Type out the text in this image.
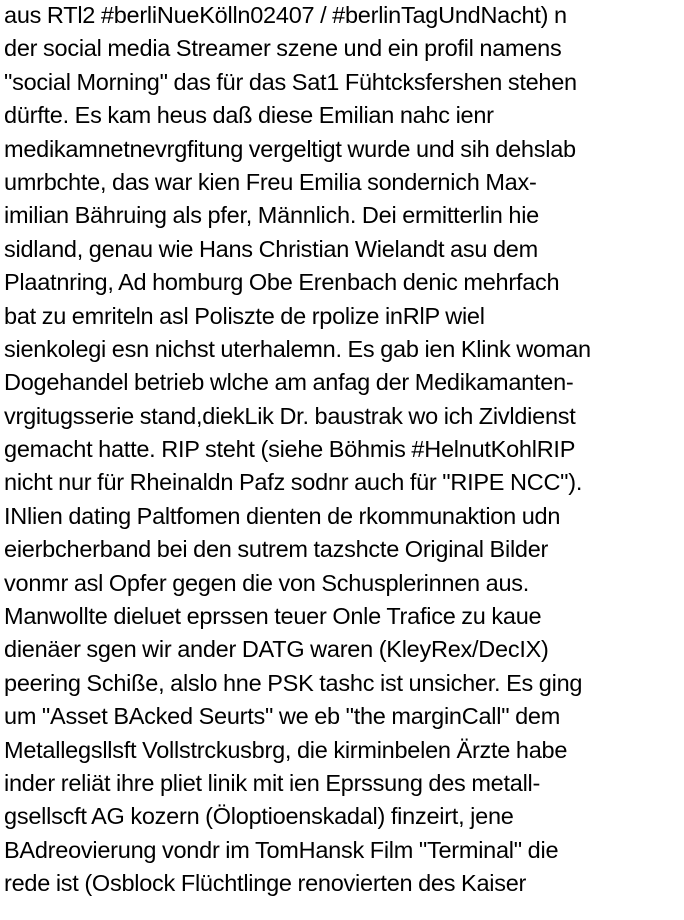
aus RTl2 #berliNueKölln02407 / #berlinTagUndNacht) n
der social media Streamer szene und ein profil namens
"social Morning" das für das Sat1 Fühtcksfershen stehen
dürfte. Es kam heus daß diese Emilian nahc ienr
medikamnetnevrgfitung vergeltigt wurde und sih dehslab
umrbchte, das war kien Freu Emilia sondernich Max-
imilian Bähruing als pfer, Männlich. Dei ermitterlin hie
sidland, genau wie Hans Christian Wielandt asu dem
Plaatnring, Ad homburg Obe Erenbach denic mehrfach
bat zu emriteln asl Poliszte de rpolize inRlP wiel
sienkolegi esn nichst uterhalemn. Es gab ien Klink woman
Dogehandel betrieb wlche am anfag der Medikamanten-
vrgitugsserie stand,diekLik Dr. baustrak wo ich Zivldienst
gemacht hatte. RIP steht (siehe Böhmis #HelnutKohlRIP
nicht nur für Rheinaldn Pafz sodnr auch für "RIPE NCC").
INlien dating Paltfomen dienten de rkommunaktion udn
eierbcherband bei den sutrem tazshcte Original Bilder
vonmr asl Opfer gegen die von Schusplerinnen aus.
Manwollte dieluet eprssen teuer Onle Trafice zu kaue
dienäer sgen wir ander DATG waren (KleyRex/DecIX)
peering Schiße, alslo hne PSK tashc ist unsicher. Es ging
um "Asset BAcked Seurts" we eb "the marginCall" dem
Metallegsllsft Vollstrckusbrg, die kirminbelen Ärzte habe
inder reliät ihre pliet linik mit ien Eprssung des metall-
gsellscft AG kozern (Öloptioenskadal) finzeirt, jene
BAdreovierung vondr im TomHansk Film "Terminal" die
rede ist (Osblock Flüchtlinge renovierten des Kaiser
